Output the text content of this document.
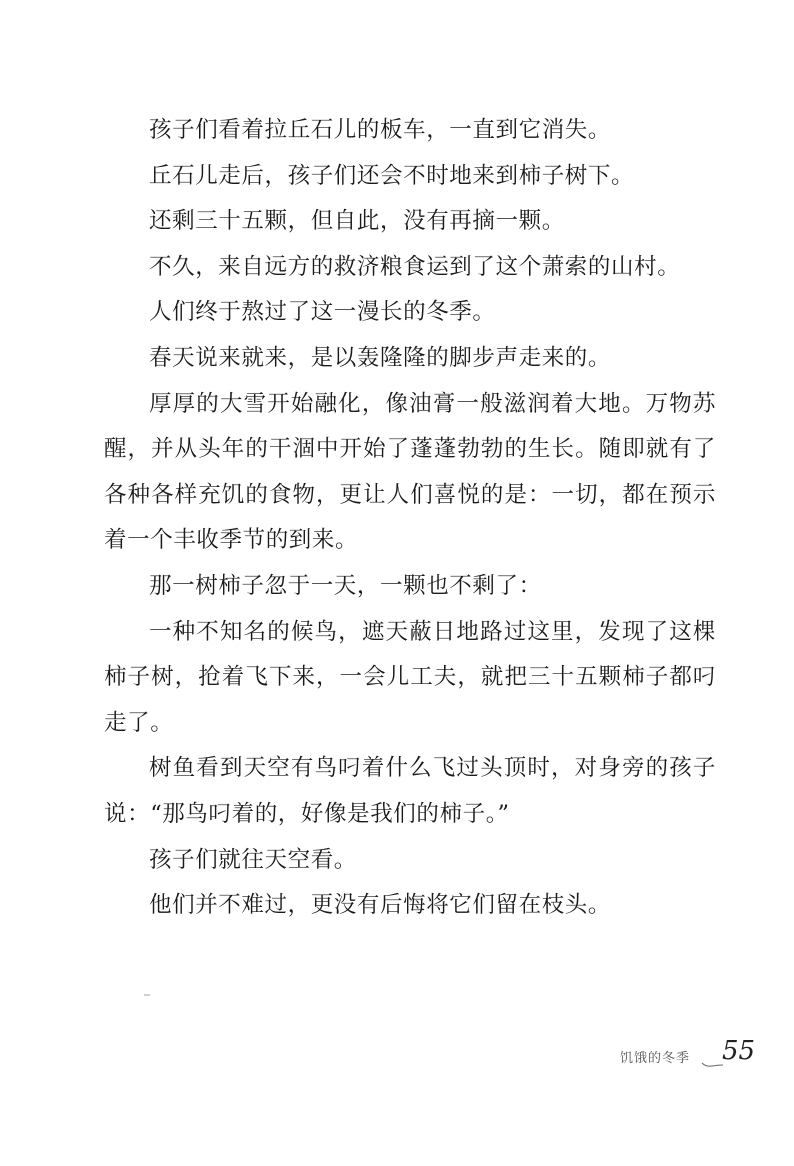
孩子们看着拉丘石儿的板车，一直到它消失。

丘石儿走后，孩子们还会不时地来到柿子树下。

还剩三十五颗，但自此，没有再摘一颗。

不久，来自远方的救济粮食运到了这个萧索的山村。

人们终于熬过了这一漫长的冬季。

春天说来就来，是以轰隆隆的脚步声走来的。

厚厚的大雪开始融化，像油膏一般滋润着大地。万物苏醒，并从头年的干涸中开始了蓬蓬勃勃的生长。随即就有了各种各样充饥的食物，更让人们喜悦的是：一切，都在预示着一个丰收季节的到来。

那一树柿子忽于一天，一颗也不剩了：

一种不知名的候鸟，遮天蔽日地路过这里，发现了这棵柿子树，抢着飞下来，一会儿工夫，就把三十五颗柿子都叼走了。

树鱼看到天空有鸟叼着什么飞过头顶时，对身旁的孩子说：“那鸟叼着的，好像是我们的柿子。”

孩子们就往天空看。

他们并不难过，更没有后悔将它们留在枝头。

饥饿的冬季 55
